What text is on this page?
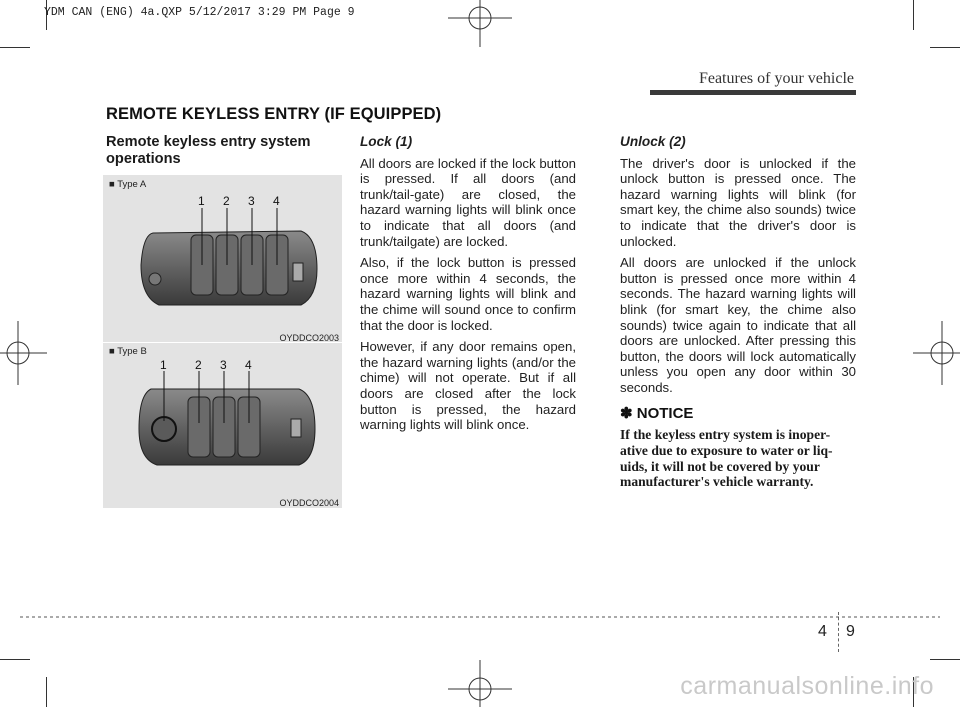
YDM CAN (ENG) 4a.QXP 5/12/2017 3:29 PM Page 9
Features of your vehicle
REMOTE KEYLESS ENTRY (IF EQUIPPED)
Remote keyless entry system operations
■ Type A
1 2 3 4
OYDDCO2003
■ Type B
1 2 3 4
OYDDCO2004
Lock (1)

All doors are locked if the lock button is pressed. If all doors (and trunk/tail-gate) are closed, the hazard warning lights will blink once to indicate that all doors (and trunk/tailgate) are locked.

Also, if the lock button is pressed once more within 4 seconds, the hazard warning lights will blink and the chime will sound once to confirm that the door is locked.

However, if any door remains open, the hazard warning lights (and/or the chime) will not operate. But if all doors are closed after the lock button is pressed, the hazard warning lights will blink once.

Unlock (2)

The driver's door is unlocked if the unlock button is pressed once. The hazard warning lights will blink (for smart key, the chime also sounds) twice to indicate that the driver's door is unlocked.

All doors are unlocked if the unlock button is pressed once more within 4 seconds. The hazard warning lights will blink (for smart key, the chime also sounds) twice again to indicate that all doors are unlocked. After pressing this button, the doors will lock automatically unless you open any door within 30 seconds.

✽ NOTICE
If the keyless entry system is inoper-ative due to exposure to water or liq-uids, it will not be covered by your manufacturer's vehicle warranty.
4 9
carmanualsonline.info
